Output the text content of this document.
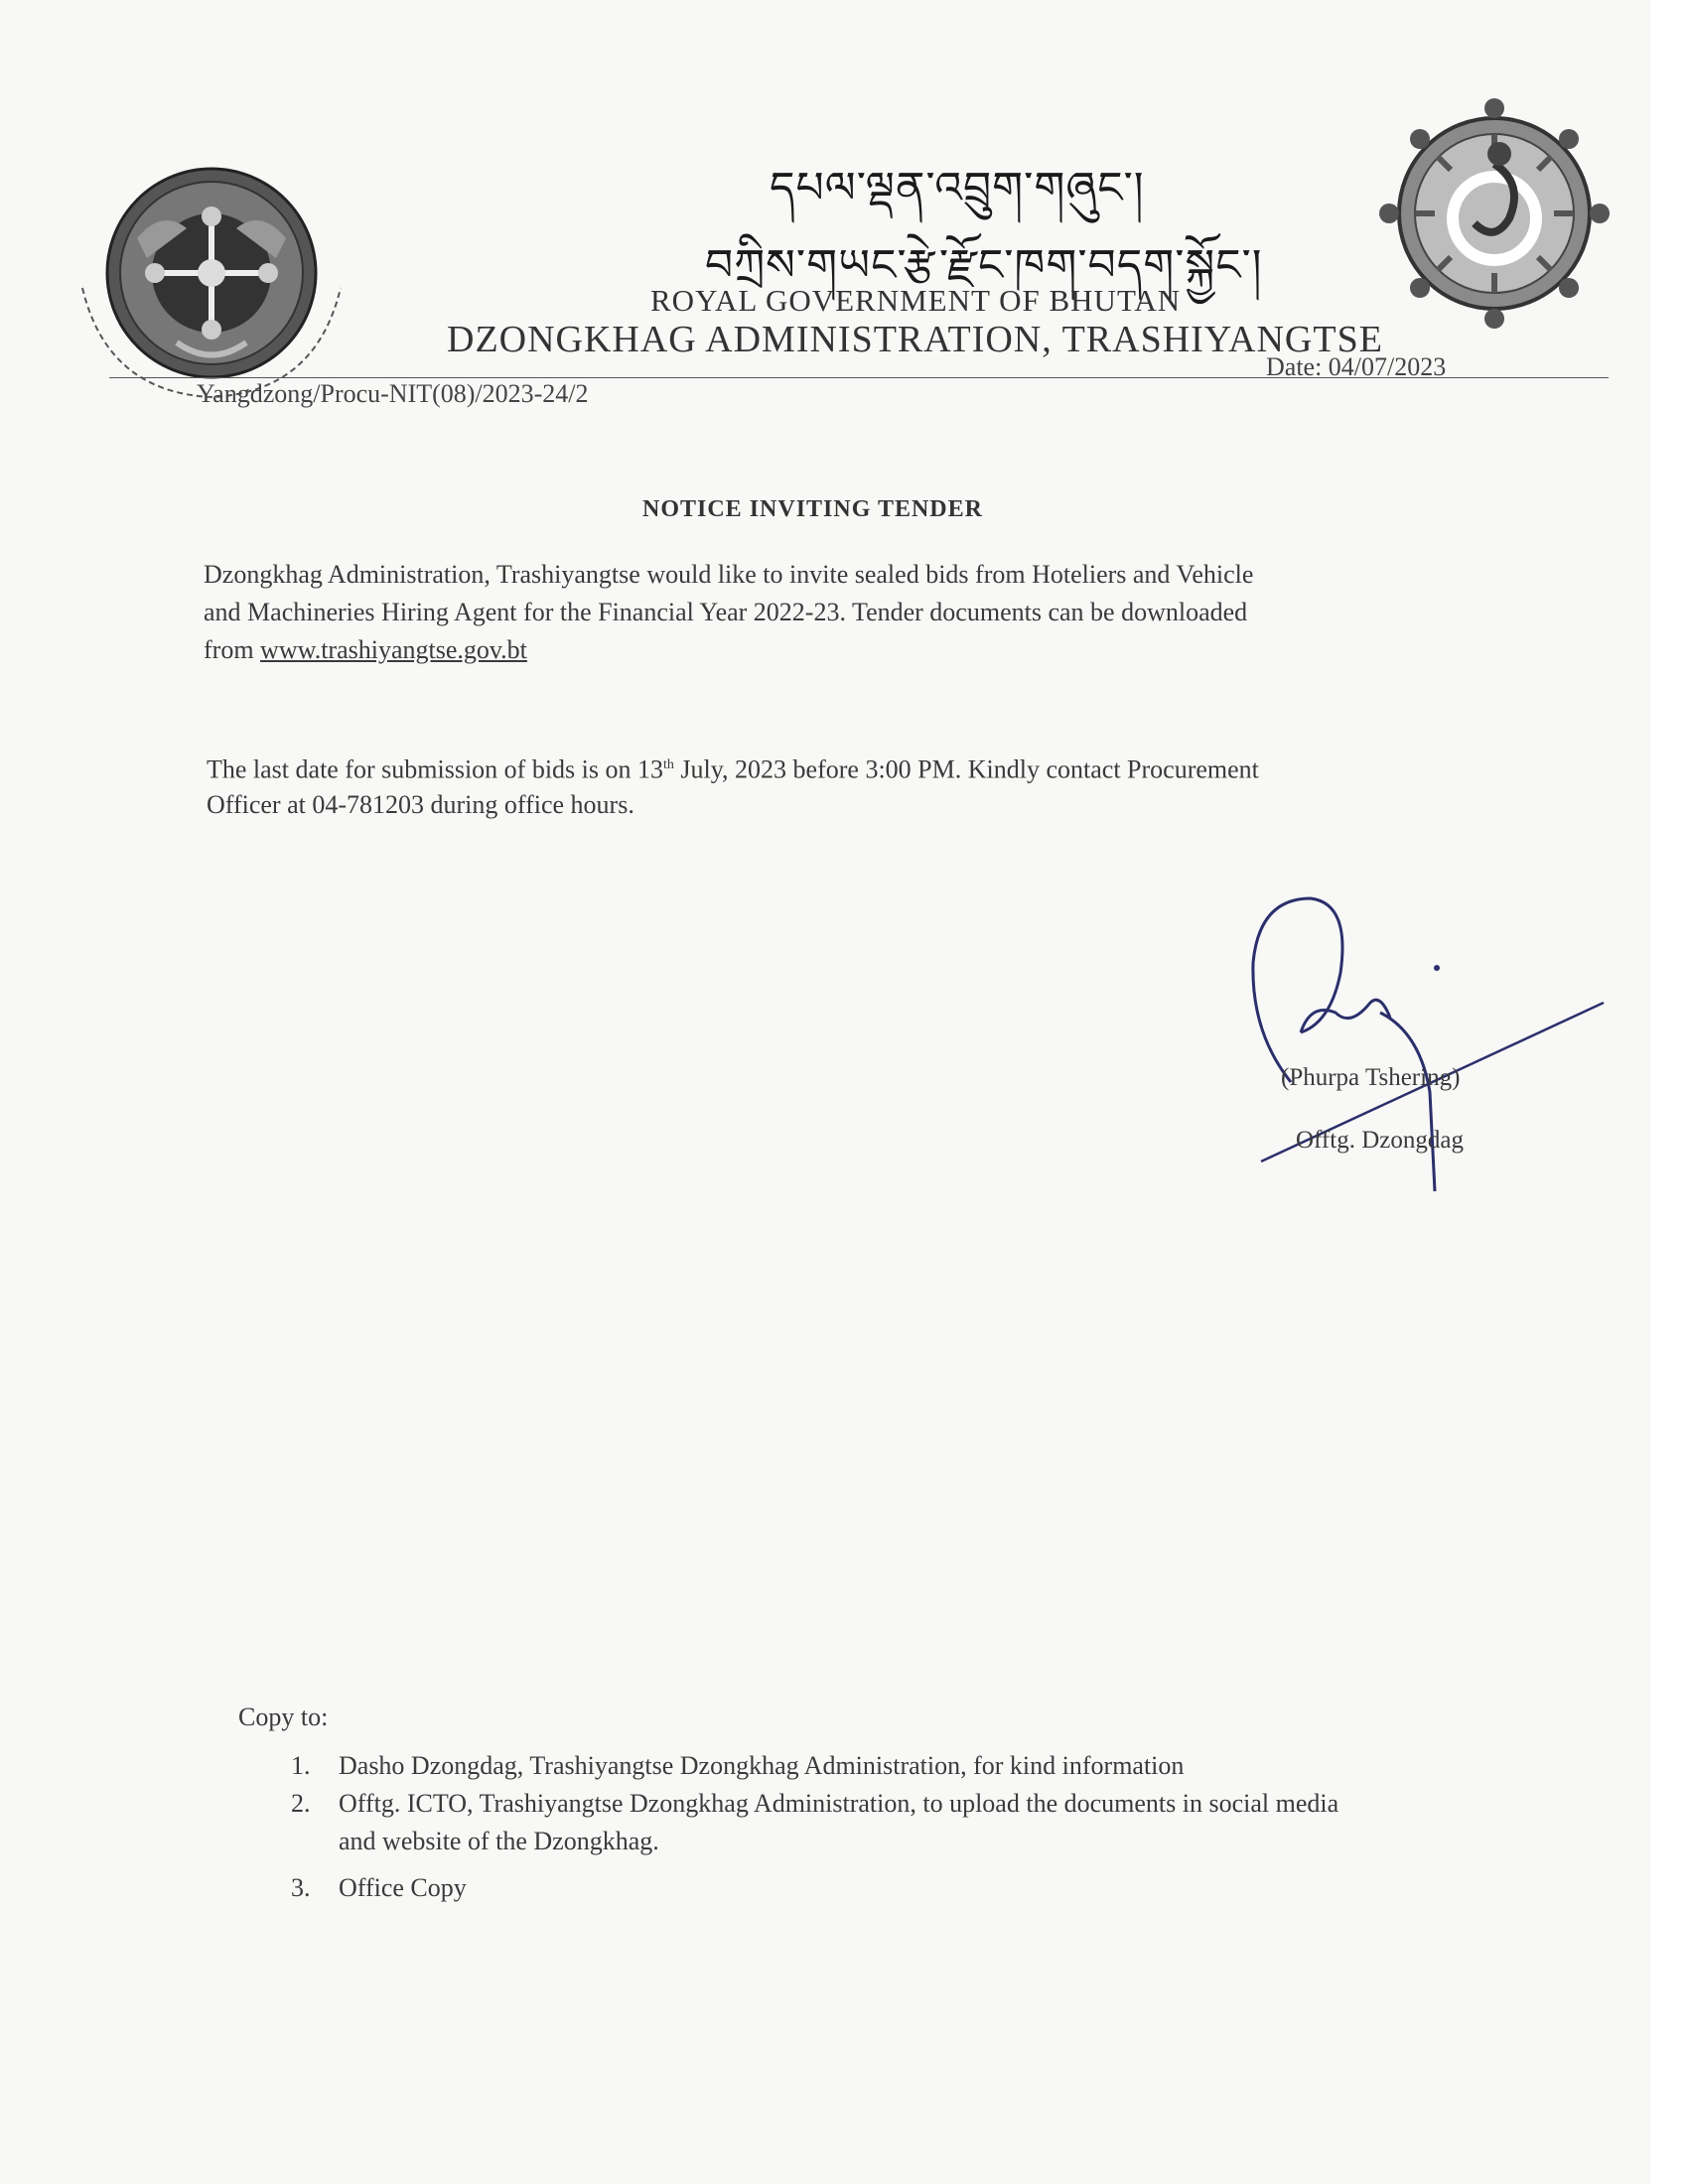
དཔལ་ལྡན་འབྲུག་གཞུང་།
བཀྲིས་གཡང་རྩེ་རྫོང་ཁག་བདག་སྐྱོང་།
ROYAL GOVERNMENT OF BHUTAN
DZONGKHAG ADMINISTRATION, TRASHIYANGTSE
Yangdzong/Procu-NIT(08)/2023-24/2
Date: 04/07/2023
NOTICE INVITING TENDER
Dzongkhag Administration, Trashiyangtse would like to invite sealed bids from Hoteliers and Vehicle
and Machineries Hiring Agent for the Financial Year 2022-23. Tender documents can be downloaded
from www.trashiyangtse.gov.bt
The last date for submission of bids is on 13th July, 2023 before 3:00 PM. Kindly contact Procurement
Officer at 04-781203 during office hours.
(Phurpa Tshering)
Offtg. Dzongdag
Copy to:
1. Dasho Dzongdag, Trashiyangtse Dzongkhag Administration, for kind information
2. Offtg. ICTO, Trashiyangtse Dzongkhag Administration, to upload the documents in social media
and website of the Dzongkhag.
3. Office Copy
